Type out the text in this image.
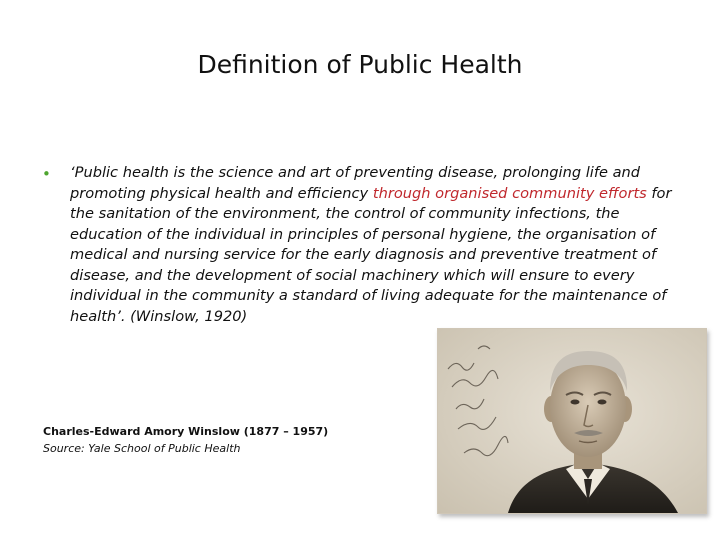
Definition of Public Health
• ‘Public health is the science and art of preventing disease, prolonging life and promoting physical health and efficiency through organised community efforts for the sanitation of the environment, the control of community infections, the education of the individual in principles of personal hygiene, the organisation of medical and nursing service for the early diagnosis and preventive treatment of disease, and the development of social machinery which will ensure to every individual in the community a standard of living adequate for the maintenance of health’. (Winslow, 1920)

Charles-Edward Amory Winslow (1877 – 1957)
Source: Yale School of Public Health
